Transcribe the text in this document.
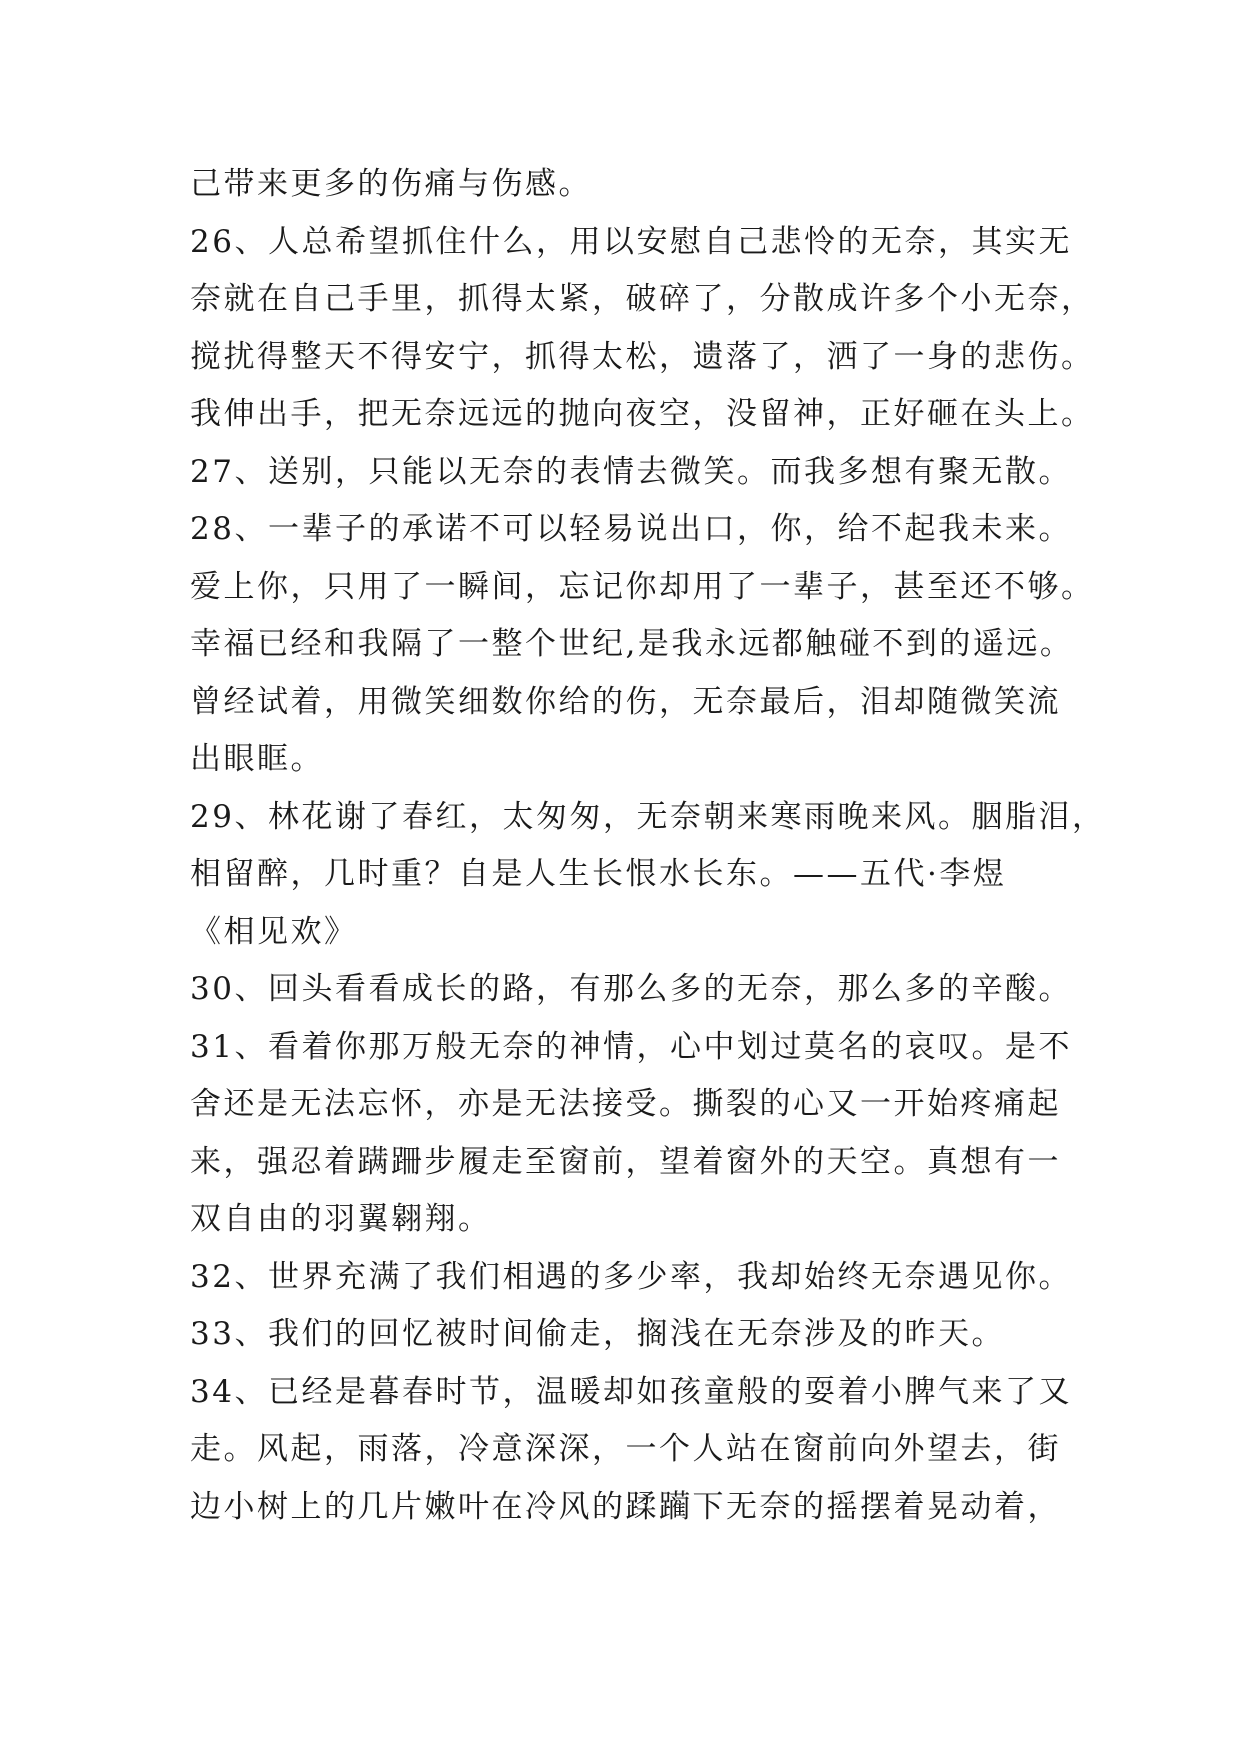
己带来更多的伤痛与伤感。
26、人总希望抓住什么，用以安慰自己悲怜的无奈，其实无
奈就在自己手里，抓得太紧，破碎了，分散成许多个小无奈，
搅扰得整天不得安宁，抓得太松，遗落了，洒了一身的悲伤。
我伸出手，把无奈远远的抛向夜空，没留神，正好砸在头上。
27、送别，只能以无奈的表情去微笑。而我多想有聚无散。
28、一辈子的承诺不可以轻易说出口，你，给不起我未来。
爱上你，只用了一瞬间，忘记你却用了一辈子，甚至还不够。
幸福已经和我隔了一整个世纪,是我永远都触碰不到的遥远。
曾经试着，用微笑细数你给的伤，无奈最后，泪却随微笑流
出眼眶。
29、林花谢了春红，太匆匆，无奈朝来寒雨晚来风。胭脂泪，
相留醉，几时重？自是人生长恨水长东。——五代·李煜
《相见欢》
30、回头看看成长的路，有那么多的无奈，那么多的辛酸。
31、看着你那万般无奈的神情，心中划过莫名的哀叹。是不
舍还是无法忘怀，亦是无法接受。撕裂的心又一开始疼痛起
来，强忍着蹒跚步履走至窗前，望着窗外的天空。真想有一
双自由的羽翼翱翔。
32、世界充满了我们相遇的多少率，我却始终无奈遇见你。
33、我们的回忆被时间偷走，搁浅在无奈涉及的昨天。
34、已经是暮春时节，温暖却如孩童般的耍着小脾气来了又
走。风起，雨落，冷意深深，一个人站在窗前向外望去，街
边小树上的几片嫩叶在冷风的蹂躏下无奈的摇摆着晃动着，
